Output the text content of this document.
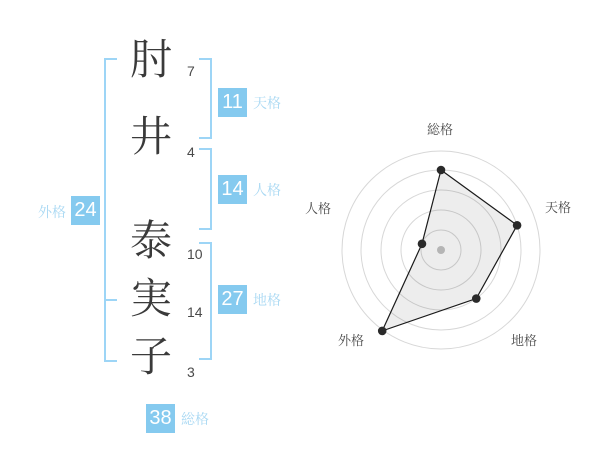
肘
井
泰
実
子
7
4
10
14
3
11 天格
14 人格
27 地格
外格 24
38 総格
総格
天格
地格
外格
人格
